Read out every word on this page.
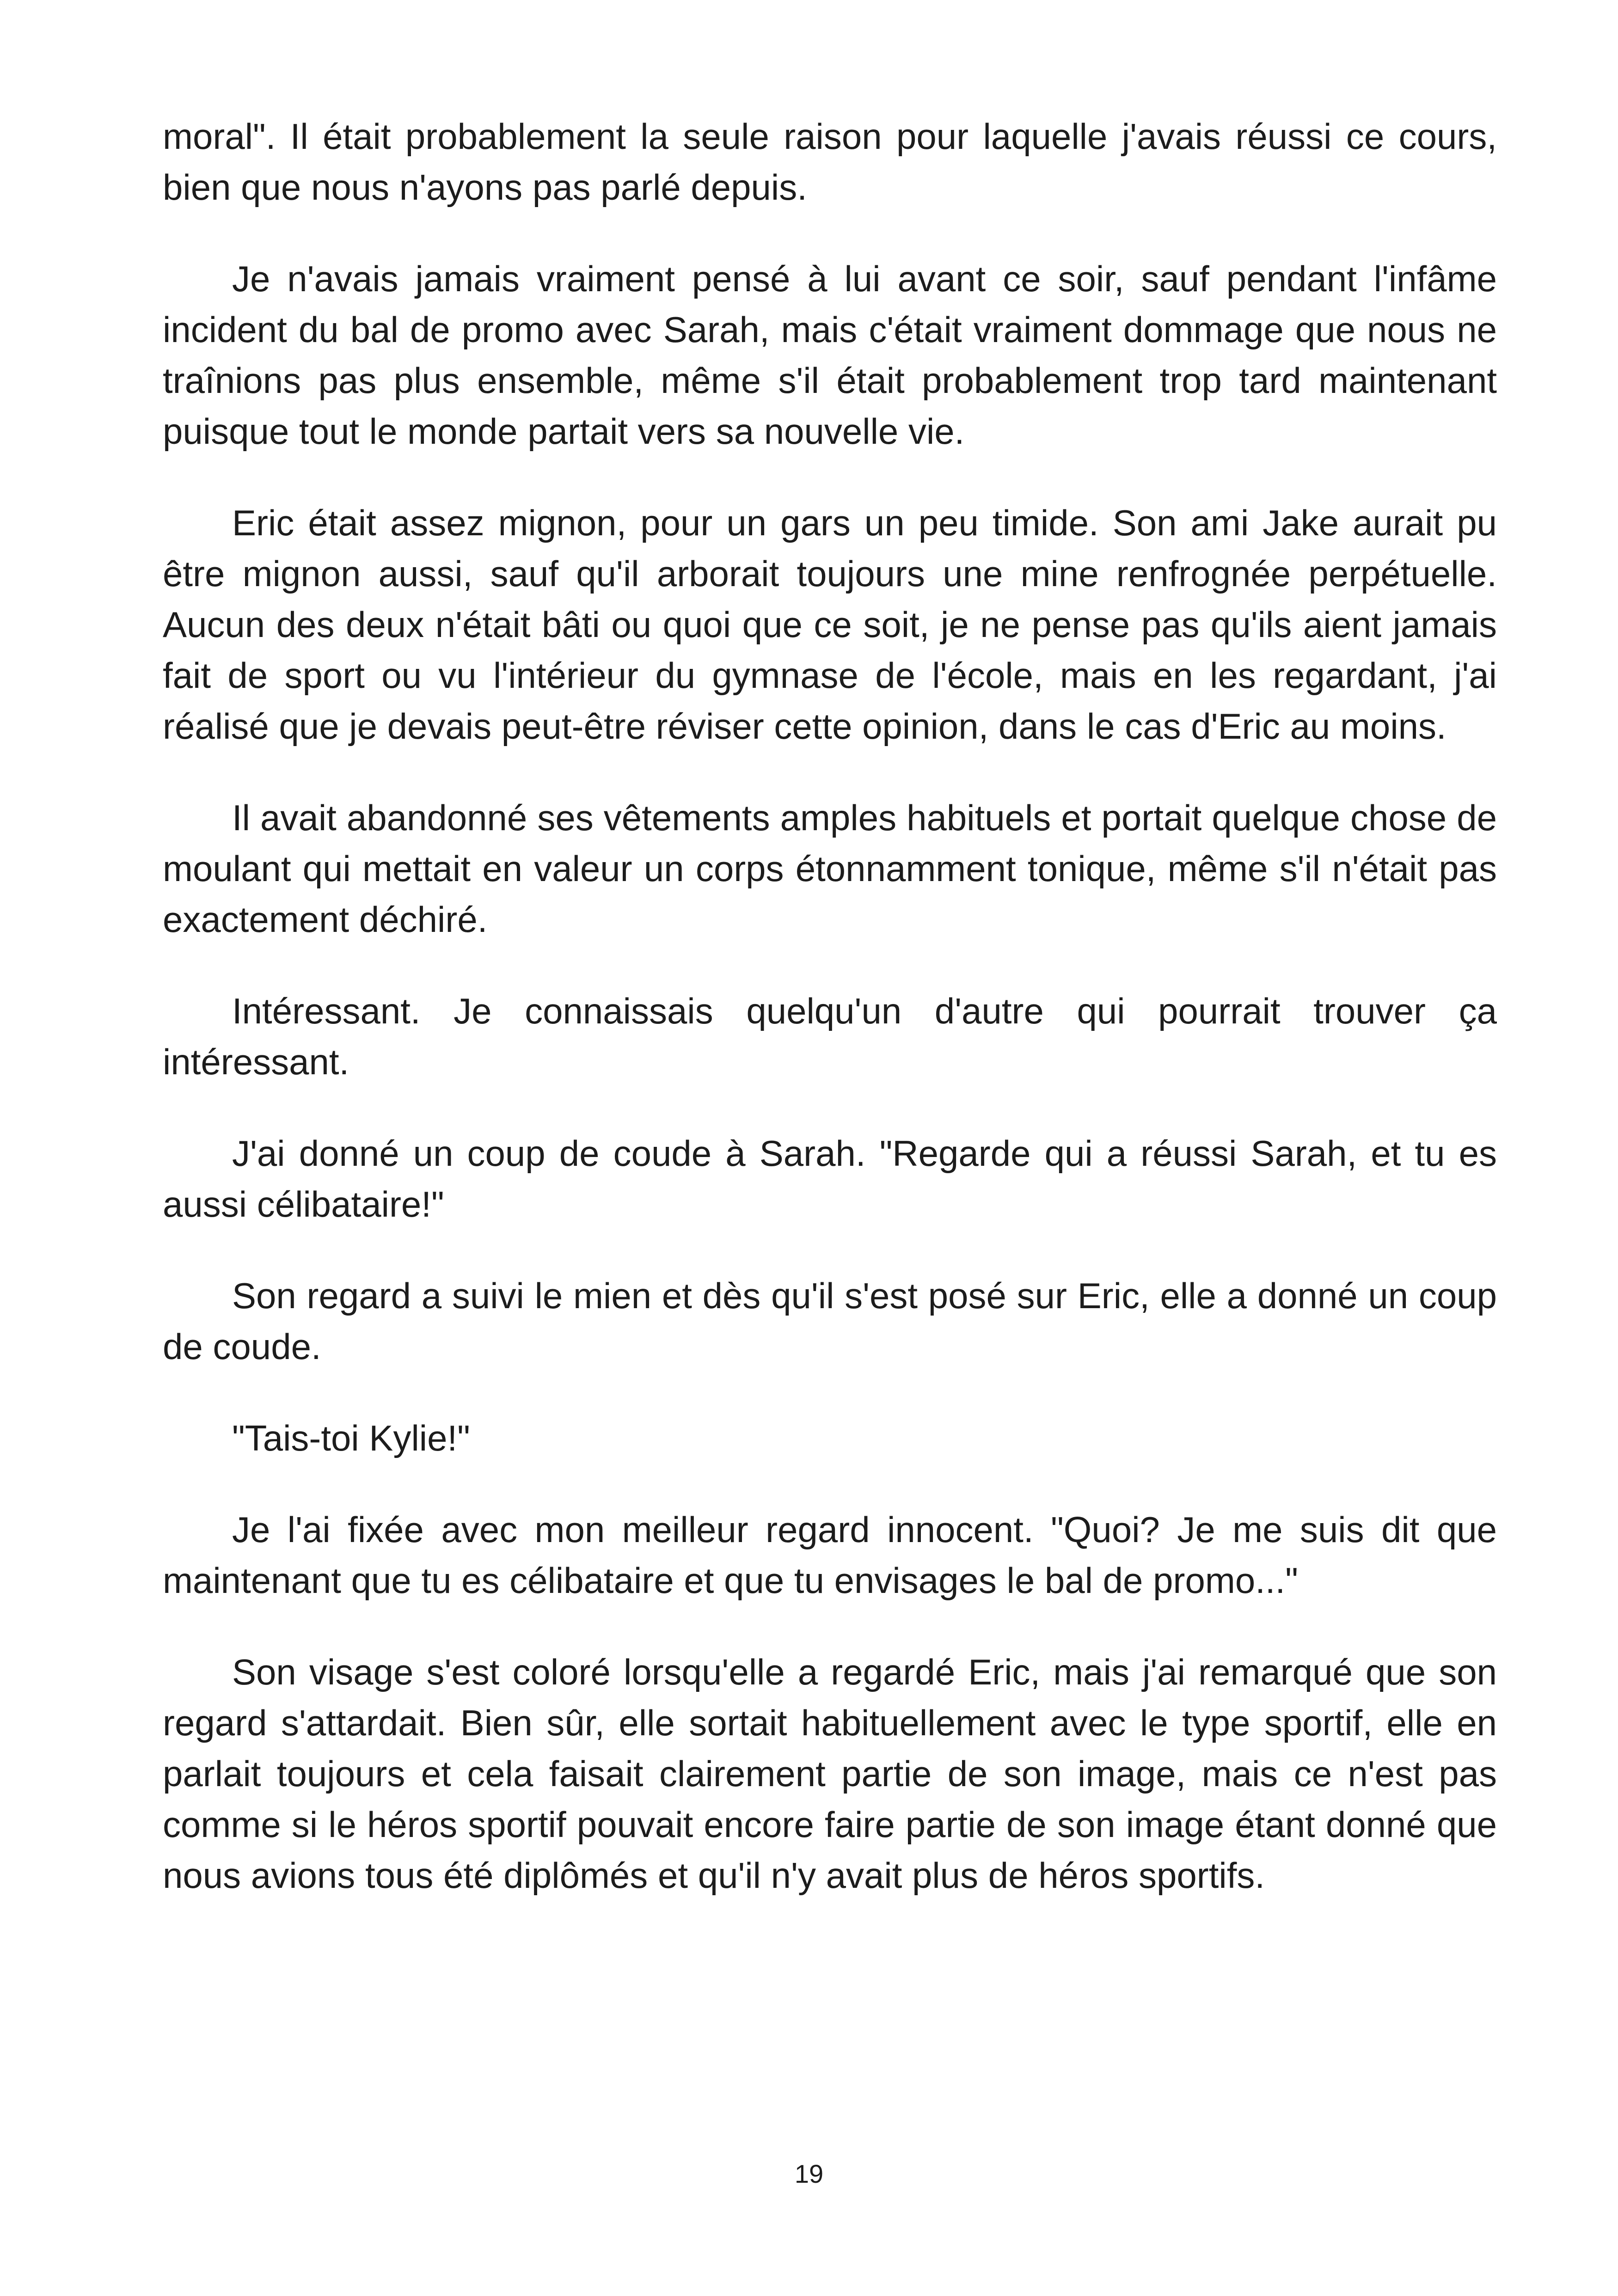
moral". Il était probablement la seule raison pour laquelle j'avais réussi ce cours, bien que nous n'ayons pas parlé depuis.

Je n'avais jamais vraiment pensé à lui avant ce soir, sauf pendant l'infâme incident du bal de promo avec Sarah, mais c'était vraiment dommage que nous ne traînions pas plus ensemble, même s'il était probablement trop tard maintenant puisque tout le monde partait vers sa nouvelle vie.

Eric était assez mignon, pour un gars un peu timide. Son ami Jake aurait pu être mignon aussi, sauf qu'il arborait toujours une mine renfrognée perpétuelle. Aucun des deux n'était bâti ou quoi que ce soit, je ne pense pas qu'ils aient jamais fait de sport ou vu l'intérieur du gymnase de l'école, mais en les regardant, j'ai réalisé que je devais peut-être réviser cette opinion, dans le cas d'Eric au moins.

Il avait abandonné ses vêtements amples habituels et portait quelque chose de moulant qui mettait en valeur un corps étonnamment tonique, même s'il n'était pas exactement déchiré.

Intéressant. Je connaissais quelqu'un d'autre qui pourrait trouver ça intéressant.

J'ai donné un coup de coude à Sarah. "Regarde qui a réussi Sarah, et tu es aussi célibataire!"

Son regard a suivi le mien et dès qu'il s'est posé sur Eric, elle a donné un coup de coude.

"Tais-toi Kylie!"

Je l'ai fixée avec mon meilleur regard innocent. "Quoi? Je me suis dit que maintenant que tu es célibataire et que tu envisages le bal de promo..."

Son visage s'est coloré lorsqu'elle a regardé Eric, mais j'ai remarqué que son regard s'attardait. Bien sûr, elle sortait habituellement avec le type sportif, elle en parlait toujours et cela faisait clairement partie de son image, mais ce n'est pas comme si le héros sportif pouvait encore faire partie de son image étant donné que nous avions tous été diplômés et qu'il n'y avait plus de héros sportifs.

19
